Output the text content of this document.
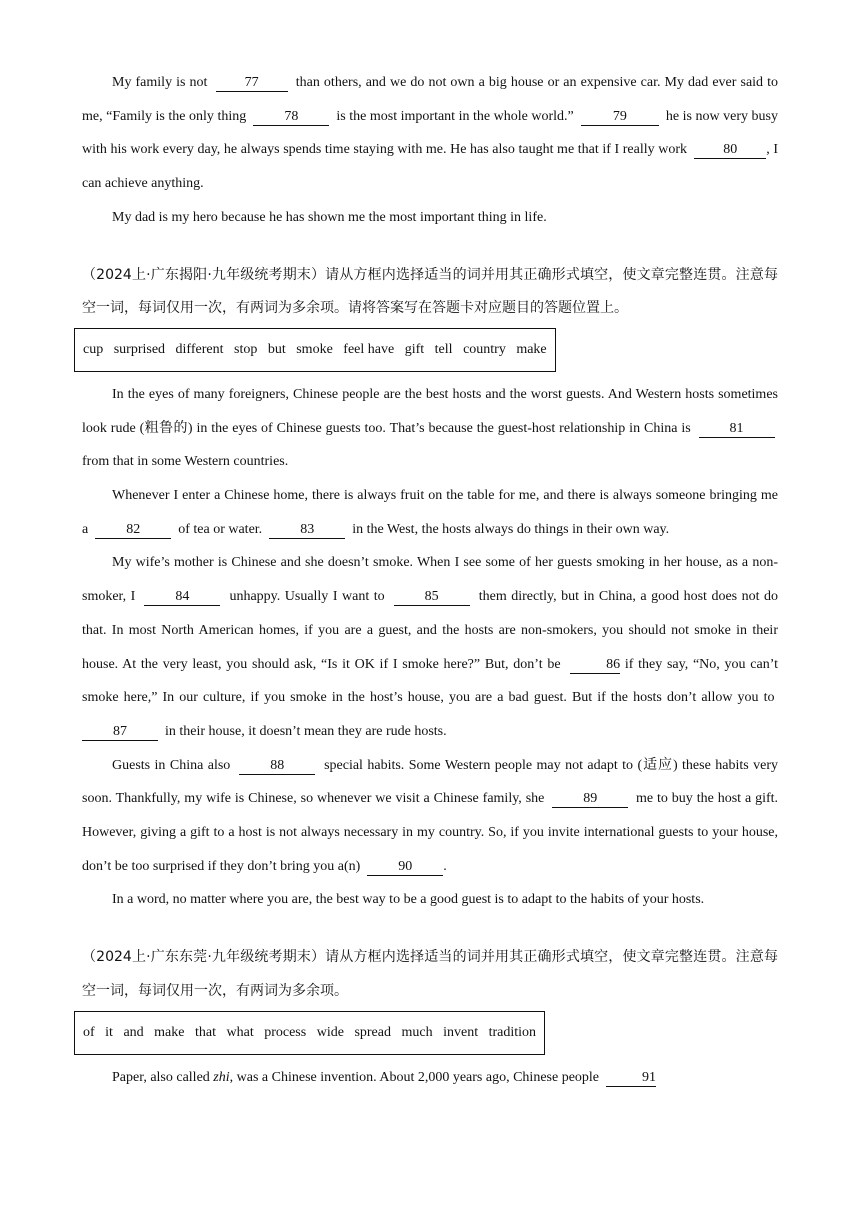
My family is not	77	than others, and we do not own a big house or an expensive car. My dad ever said to me, “Family is the only thing	78	is the most important in the whole world.”	79	he is now very busy with his work every day, he always spends time staying with me. He has also taught me that if I really work	80 , I can achieve anything.

My dad is my hero because he has shown me the most important thing in life.

（2024上·广东揭阳·九年级统考期末）请从方框内选择适当的词并用其正确形式填空，使文章完整连贯。注意每空一词，每词仅用一次，有两词为多余项。请将答案写在答题卡对应题目的答题位置上。

cup surprised different stop but smoke feel have gift tell country make

In the eyes of many foreigners, Chinese people are the best hosts and the worst guests. And Western hosts sometimes look rude (粗鲁的) in the eyes of Chinese guests too. That’s because the guest-host relationship in China is	81  from that in some Western countries.

Whenever I enter a Chinese home, there is always fruit on the table for me, and there is always someone bringing me a	82	of tea or water.	83	in the West, the hosts always do things in their own way.

My wife’s mother is Chinese and she doesn’t smoke. When I see some of her guests smoking in her house, as a non-smoker, I	84	unhappy. Usually I want to	85	them directly, but in China, a good host does not do that. In most North American homes, if you are a guest, and the hosts are non-smokers, you should not smoke in their house. At the very least, you should ask, “Is it OK if I smoke here?” But, don’t be	86 if they say, “No, you can’t smoke here,” In our culture, if you smoke in the host’s house, you are a bad guest. But if the hosts don’t allow you to  87	in their house, it doesn’t mean they are rude hosts.

Guests in China also	88	special habits. Some Western people may not adapt to (适应) these habits very soon. Thankfully, my wife is Chinese, so whenever we visit a Chinese family, she	89	me to buy the host a gift. However, giving a gift to a host is not always necessary in my country. So, if you invite international guests to your house, don’t be too surprised if they don’t bring you a(n)	90 .

In a word, no matter where you are, the best way to be a good guest is to adapt to the habits of your hosts.

（2024上·广东东莞·九年级统考期末）请从方框内选择适当的词并用其正确形式填空，使文章完整连贯。注意每空一词，每词仅用一次，有两词为多余项。

of it and make that what process wide spread much invent tradition

Paper, also called zhi, was a Chinese invention. About 2,000 years ago, Chinese people	91
